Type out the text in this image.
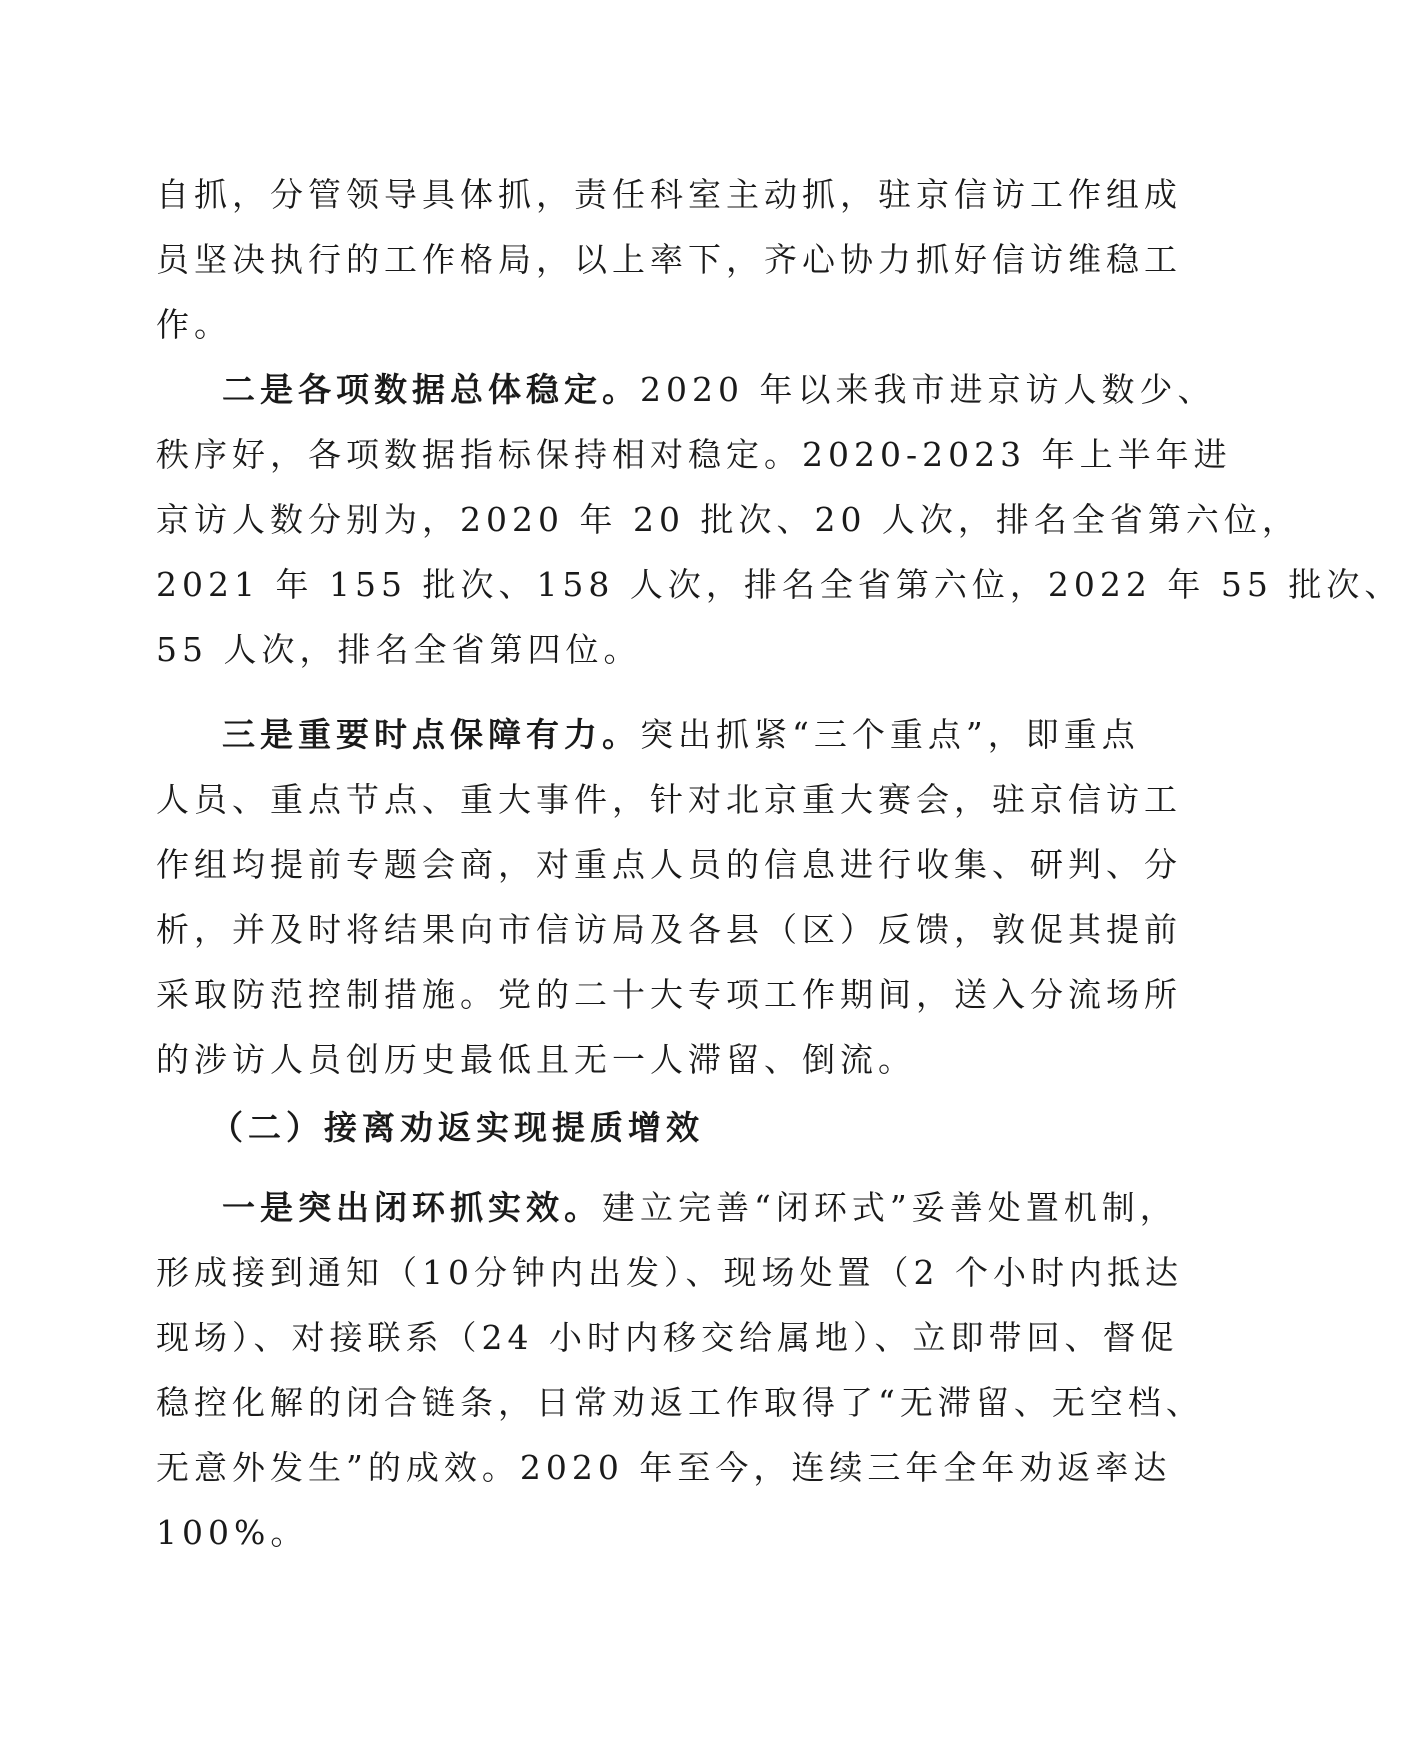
自抓，分管领导具体抓，责任科室主动抓，驻京信访工作组成
员坚决执行的工作格局，以上率下，齐心协力抓好信访维稳工
作。
二是各项数据总体稳定。2020 年以来我市进京访人数少、
秩序好，各项数据指标保持相对稳定。2020-2023 年上半年进
京访人数分别为，2020 年 20 批次、20 人次，排名全省第六位，
2021 年 155 批次、158 人次，排名全省第六位，2022 年 55 批次、
55 人次，排名全省第四位。
三是重要时点保障有力。突出抓紧“三个重点”，即重点
人员、重点节点、重大事件，针对北京重大赛会，驻京信访工
作组均提前专题会商，对重点人员的信息进行收集、研判、分
析，并及时将结果向市信访局及各县（区）反馈，敦促其提前
采取防范控制措施。党的二十大专项工作期间，送入分流场所
的涉访人员创历史最低且无一人滞留、倒流。
（二）接离劝返实现提质增效
一是突出闭环抓实效。建立完善“闭环式”妥善处置机制，
形成接到通知（10分钟内出发）、现场处置（2 个小时内抵达
现场）、对接联系（24 小时内移交给属地）、立即带回、督促
稳控化解的闭合链条，日常劝返工作取得了“无滞留、无空档、
无意外发生”的成效。2020 年至今，连续三年全年劝返率达
100%。
